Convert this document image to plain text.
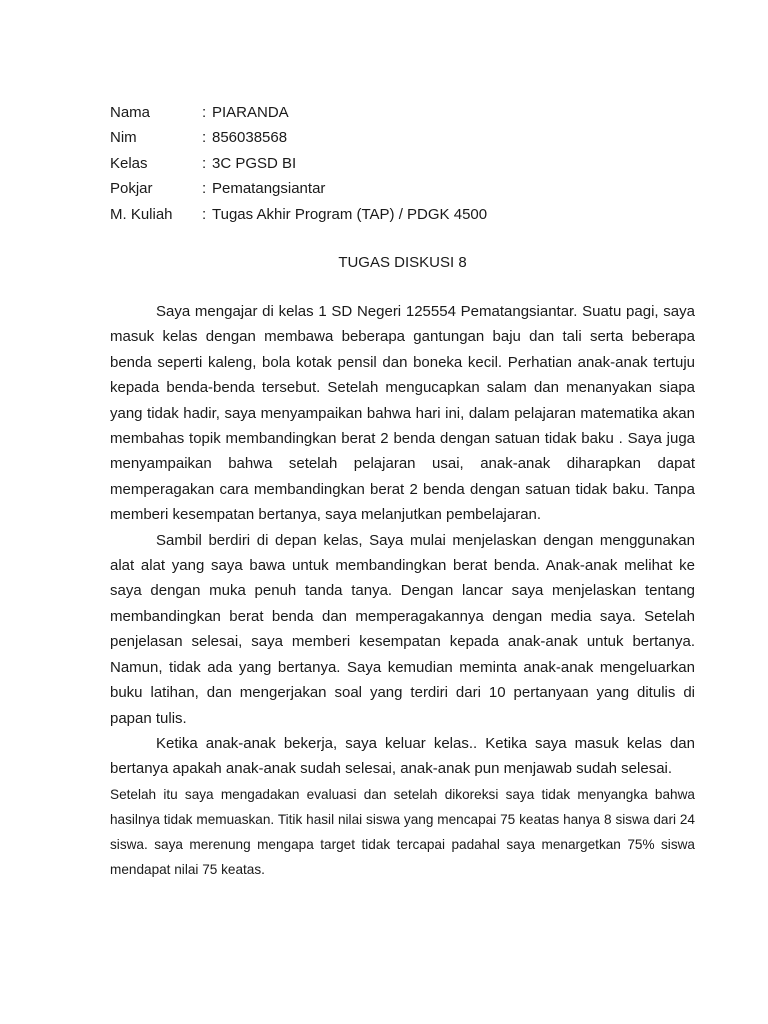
Nama	: PIARANDA
Nim	: 856038568
Kelas	: 3C PGSD BI
Pokjar	: Pematangsiantar
M. Kuliah	: Tugas Akhir Program (TAP) / PDGK 4500
TUGAS DISKUSI 8

Saya mengajar di kelas 1 SD Negeri 125554 Pematangsiantar. Suatu pagi, saya masuk kelas dengan membawa beberapa gantungan baju dan tali serta beberapa benda seperti kaleng, bola kotak pensil dan boneka kecil. Perhatian anak-anak tertuju kepada benda-benda tersebut. Setelah mengucapkan salam dan menanyakan siapa yang tidak hadir, saya menyampaikan bahwa hari ini, dalam pelajaran matematika akan membahas topik membandingkan berat 2 benda dengan satuan tidak baku . Saya juga menyampaikan bahwa setelah pelajaran usai, anak-anak diharapkan dapat memperagakan cara membandingkan berat 2 benda dengan satuan tidak baku. Tanpa memberi kesempatan bertanya, saya melanjutkan pembelajaran.

Sambil berdiri di depan kelas, Saya mulai menjelaskan dengan menggunakan alat alat yang saya bawa untuk membandingkan berat benda. Anak-anak melihat ke saya dengan muka penuh tanda tanya. Dengan lancar saya menjelaskan tentang membandingkan berat benda dan memperagakannya dengan media saya. Setelah penjelasan selesai, saya memberi kesempatan kepada anak-anak untuk bertanya. Namun, tidak ada yang bertanya. Saya kemudian meminta anak-anak mengeluarkan buku latihan, dan mengerjakan soal yang terdiri dari 10 pertanyaan yang ditulis di papan tulis.

Ketika anak-anak bekerja, saya keluar kelas.. Ketika saya masuk kelas dan bertanya apakah anak-anak sudah selesai, anak-anak pun menjawab sudah selesai.

Setelah itu saya mengadakan evaluasi dan setelah dikoreksi saya tidak menyangka bahwa hasilnya tidak memuaskan. Titik hasil nilai siswa yang mencapai 75 keatas hanya 8 siswa dari 24 siswa. saya merenung mengapa target tidak tercapai padahal saya menargetkan 75% siswa mendapat nilai 75 keatas.
